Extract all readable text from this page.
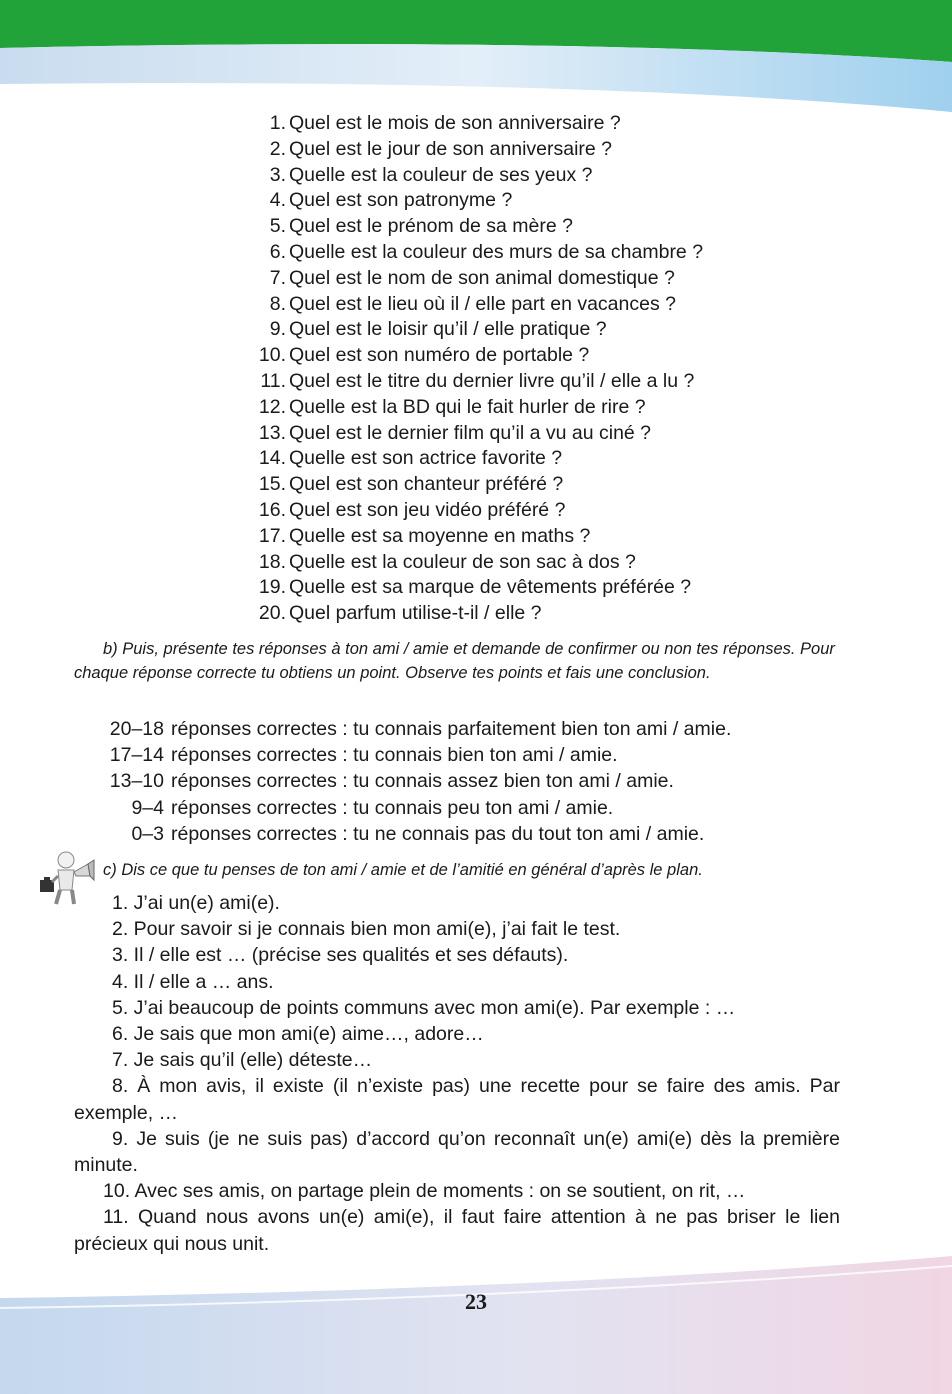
1. Quel est le mois de son anniversaire ?
2. Quel est le jour de son anniversaire ?
3. Quelle est la couleur de ses yeux ?
4. Quel est son patronyme ?
5. Quel est le prénom de sa mère ?
6. Quelle est la couleur des murs de sa chambre ?
7. Quel est le nom de son animal domestique ?
8. Quel est le lieu où il / elle part en vacances ?
9. Quel est le loisir qu’il / elle pratique ?
10. Quel est son numéro de portable ?
11. Quel est le titre du dernier livre qu’il / elle a lu ?
12. Quelle est la BD qui le fait hurler de rire ?
13. Quel est le dernier film qu’il a vu au ciné ?
14. Quelle est son actrice favorite ?
15. Quel est son chanteur préféré ?
16. Quel est son jeu vidéo préféré ?
17. Quelle est sa moyenne en maths ?
18. Quelle est la couleur de son sac à dos ?
19. Quelle est sa marque de vêtements préférée ?
20. Quel parfum utilise-t-il / elle ?
b) Puis, présente tes réponses à ton ami / amie et demande de confirmer ou non tes réponses. Pour chaque réponse correcte tu obtiens un point. Observe tes points et fais une conclusion.
20–18 réponses correctes : tu connais parfaitement bien ton ami / amie.
17–14 réponses correctes : tu connais bien ton ami / amie.
13–10 réponses correctes : tu connais assez bien ton ami / amie.
9–4 réponses correctes : tu connais peu ton ami / amie.
0–3 réponses correctes : tu ne connais pas du tout ton ami / amie.
c) Dis ce que tu penses de ton ami / amie et de l’amitié en général d’après le plan.
1. J’ai un(e) ami(e).
2. Pour savoir si je connais bien mon ami(e), j’ai fait le test.
3. Il / elle est … (précise ses qualités et ses défauts).
4. Il / elle a … ans.
5. J’ai beaucoup de points communs avec mon ami(e). Par exemple : …
6. Je sais que mon ami(e) aime…, adore…
7. Je sais qu’il (elle) déteste…
8. À mon avis, il existe (il n’existe pas) une recette pour se faire des amis. Par exemple, …
9. Je suis (je ne suis pas) d’accord qu’on reconnaît un(e) ami(e) dès la première minute.
10. Avec ses amis, on partage plein de moments : on se soutient, on rit, …
11. Quand nous avons un(e) ami(e), il faut faire attention à ne pas briser le lien précieux qui nous unit.
23
